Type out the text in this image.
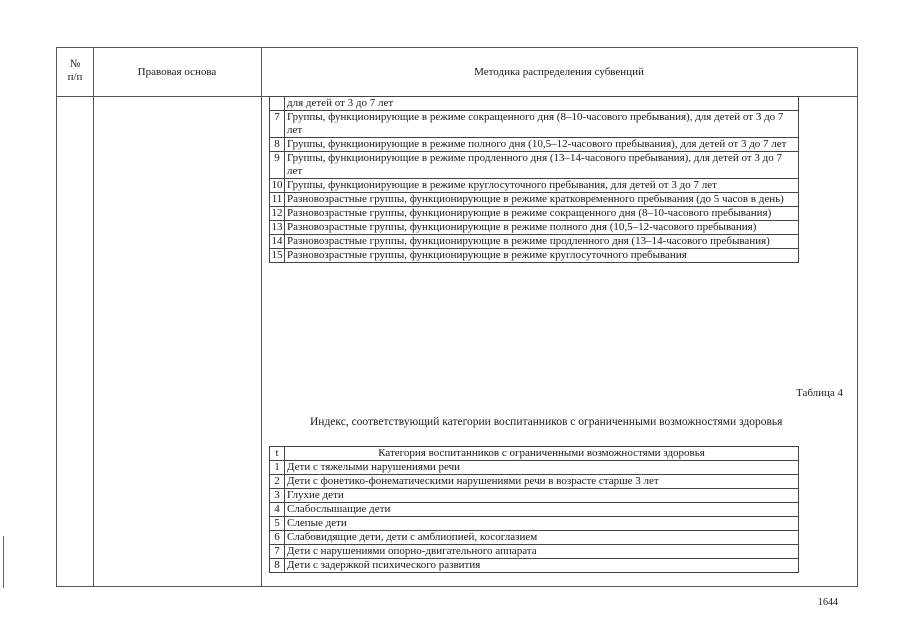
№
п/п	Правовая основа	Методика распределения субвенций
	для детей от 3 до 7 лет
7	Группы, функционирующие в режиме сокращенного дня (8–10-часового пребывания), для детей от 3 до 7 лет
8	Группы, функционирующие в режиме полного дня (10,5–12-часового пребывания), для детей от 3 до 7 лет
9	Группы, функционирующие в режиме продленного дня (13–14-часового пребывания), для детей от 3 до 7 лет
10	Группы, функционирующие в режиме круглосуточного пребывания, для детей от 3 до 7 лет
11	Разновозрастные группы, функционирующие в режиме кратковременного пребывания (до 5 часов в день)
12	Разновозрастные группы, функционирующие в режиме сокращенного дня (8–10-часового пребывания)
13	Разновозрастные группы, функционирующие в режиме полного дня (10,5–12-часового пребывания)
14	Разновозрастные группы, функционирующие в режиме продленного дня (13–14-часового пребывания)
15	Разновозрастные группы, функционирующие в режиме круглосуточного пребывания
Таблица 4
Индекс, соответствующий категории воспитанников с ограниченными возможностями здоровья
t	Категория воспитанников с ограниченными возможностями здоровья
1	Дети с тяжелыми нарушениями речи
2	Дети с фонетико-фонематическими нарушениями речи в возрасте старше 3 лет
3	Глухие дети
4	Слабослышащие дети
5	Слепые дети
6	Слабовидящие дети, дети с амблиопией, косоглазием
7	Дети с нарушениями опорно-двигательного аппарата
8	Дети с задержкой психического развития
1644
